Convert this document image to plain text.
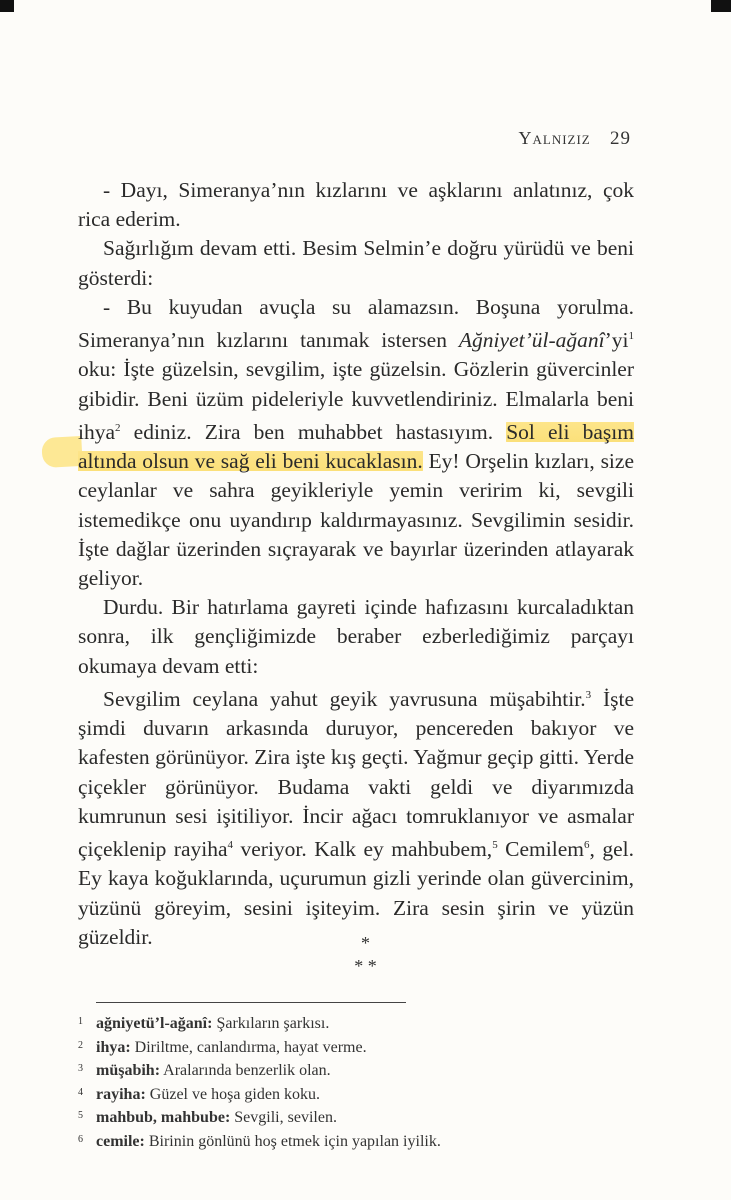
Yalnızız 29

- Dayı, Simeranya’nın kızlarını ve aşklarını anlatınız, çok rica ederim.

Sağırlığım devam etti. Besim Selmin’e doğru yürüdü ve beni gösterdi:

- Bu kuyudan avuçla su alamazsın. Boşuna yorulma. Simeranya’nın kızlarını tanımak istersen $Ağniyet’ül-ağanî’yi^1$ oku: İşte güzelsin, sevgilim, işte güzelsin. Gözlerin güvercinler gibidir. Beni üzüm pideleriyle kuvvetlendiriniz. Elmalarla beni ihya$^2$ ediniz. Zira ben muhabbet hastasıyım. Sol eli başım altında olsun ve sağ eli beni kucaklasın. Ey! Orşelin kızları, size ceylanlar ve sahra geyikleriyle yemin veririm ki, sevgili istemedikçe onu uyandırıp kaldırmayasınız. Sevgilimin sesidir. İşte dağlar üzerinden sıçrayarak ve bayırlar üzerinden atlayarak geliyor.

Durdu. Bir hatırlama gayreti içinde hafızasını kurcaladıktan sonra, ilk gençliğimizde beraber ezberlediğimiz parçayı okumaya devam etti:

Sevgilim ceylana yahut geyik yavrusuna müşabihtir.$^3$ İşte şimdi duvarın arkasında duruyor, pencereden bakıyor ve kafesten görünüyor. Zira işte kış geçti. Yağmur geçip gitti. Yerde çiçekler görünüyor. Budama vakti geldi ve diyarımızda kumrunun sesi işitiliyor. İncir ağacı tomruklanıyor ve asmalar çiçeklenip rayiha$^4$ veriyor. Kalk ey mahbubem,$^5$ Cemilem$^6$, gel. Ey kaya koğuklarında, uçurumun gizli yerinde olan güvercinim, yüzünü göreyim, sesini işiteyim. Zira sesin şirin ve yüzün güzeldir.	*
* *
1 ağniyetü’l-ağanî: Şarkıların şarkısı.
2 ihya: Diriltme, canlandırma, hayat verme.
3 müşabih: Aralarında benzerlik olan.
4 rayiha: Güzel ve hoşa giden koku.
5 mahbub, mahbube: Sevgili, sevilen.
6 cemile: Birinin gönlünü hoş etmek için yapılan iyilik.
